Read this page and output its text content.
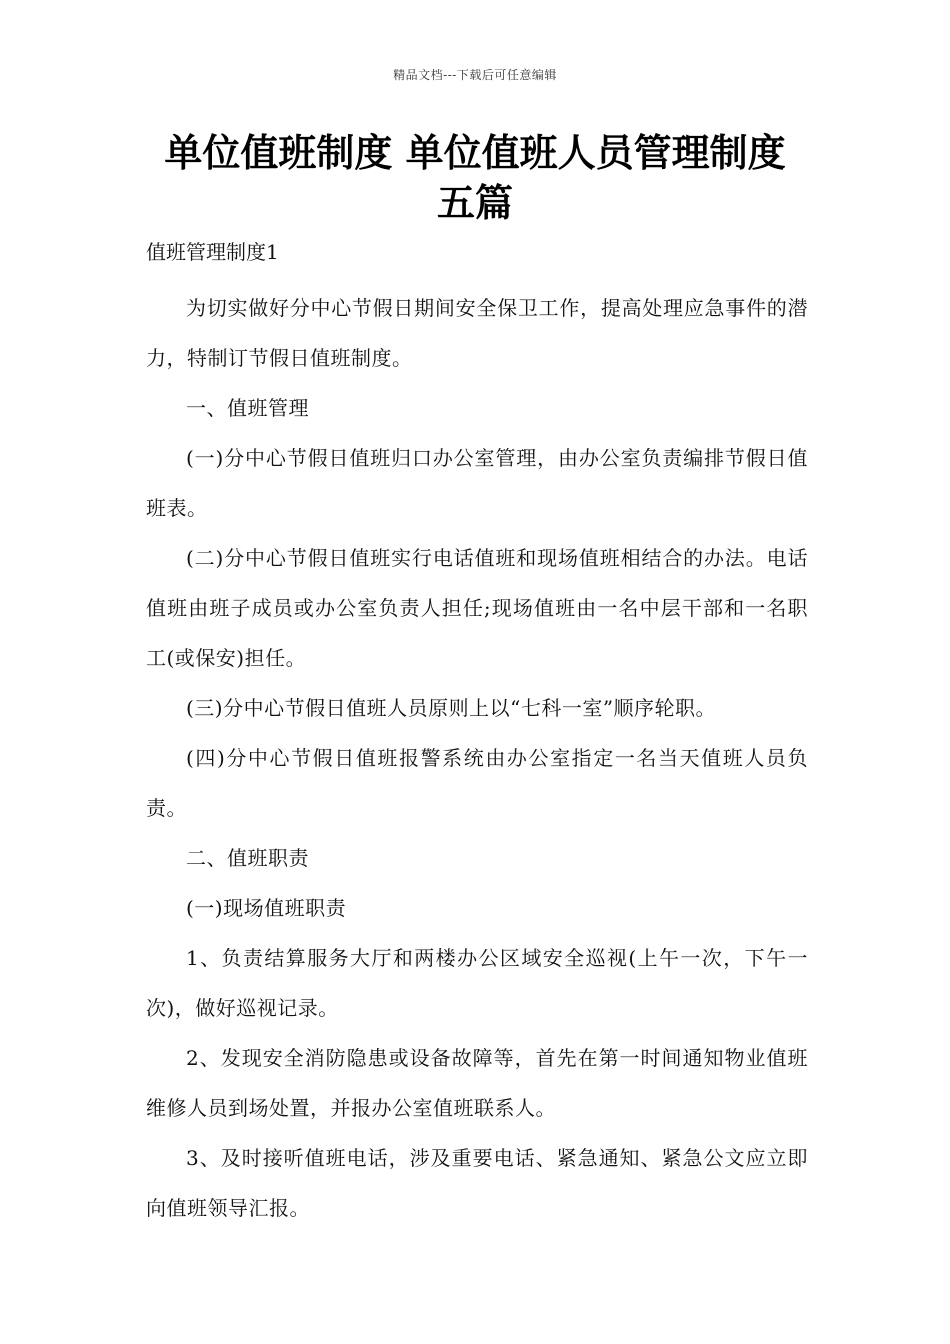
精品文档---下载后可任意编辑
单位值班制度 单位值班人员管理制度
五篇
值班管理制度1

为切实做好分中心节假日期间安全保卫工作，提高处理应急事件的潜力，特制订节假日值班制度。

一、值班管理

(一)分中心节假日值班归口办公室管理，由办公室负责编排节假日值班表。

(二)分中心节假日值班实行电话值班和现场值班相结合的办法。电话值班由班子成员或办公室负责人担任;现场值班由一名中层干部和一名职工(或保安)担任。

(三)分中心节假日值班人员原则上以“七科一室”顺序轮职。

(四)分中心节假日值班报警系统由办公室指定一名当天值班人员负责。

二、值班职责

(一)现场值班职责

1、负责结算服务大厅和两楼办公区域安全巡视(上午一次，下午一次)，做好巡视记录。

2、发现安全消防隐患或设备故障等，首先在第一时间通知物业值班维修人员到场处置，并报办公室值班联系人。

3、及时接听值班电话，涉及重要电话、紧急通知、紧急公文应立即向值班领导汇报。
